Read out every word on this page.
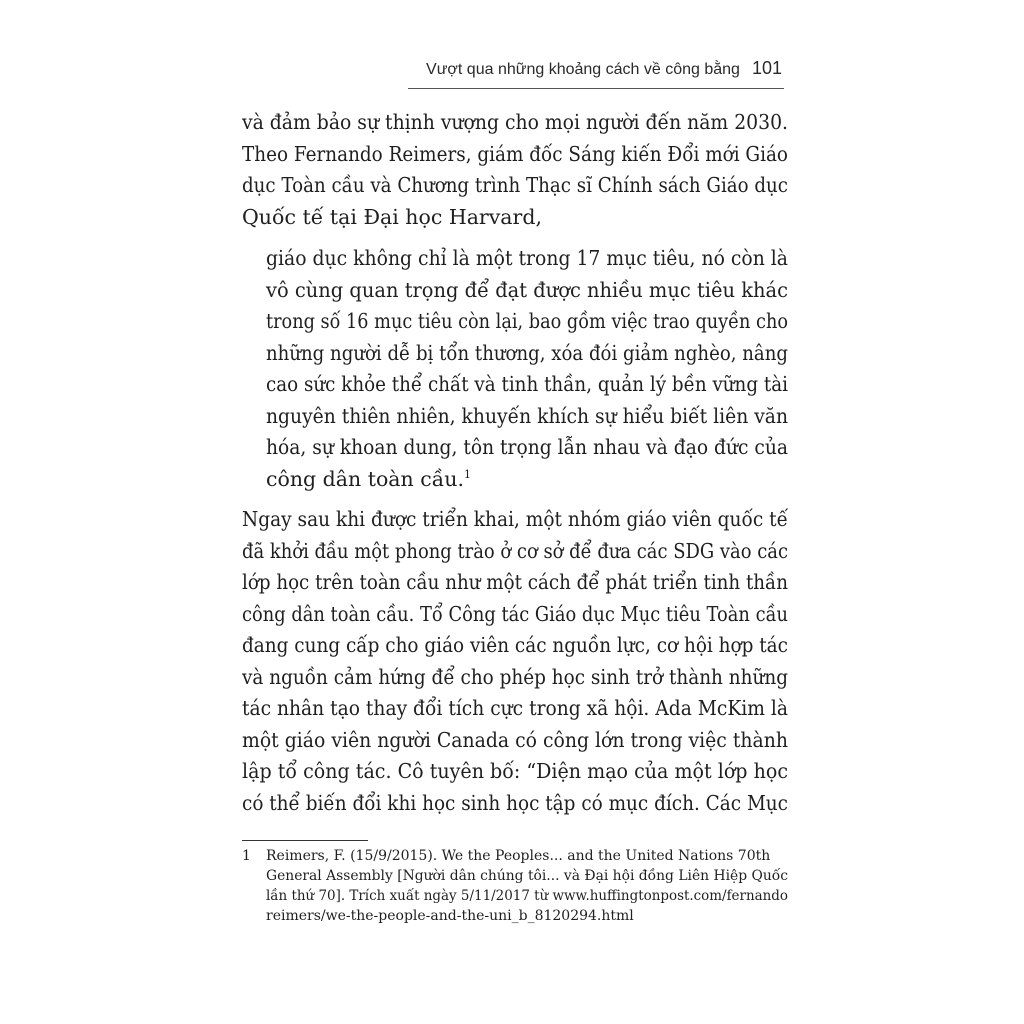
Vượt qua những khoảng cách về công bằng 101
và đảm bảo sự thịnh vượng cho mọi người đến năm 2030.
Theo Fernando Reimers, giám đốc Sáng kiến Đổi mới Giáo
dục Toàn cầu và Chương trình Thạc sĩ Chính sách Giáo dục
Quốc tế tại Đại học Harvard,
giáo dục không chỉ là một trong 17 mục tiêu, nó còn là
vô cùng quan trọng để đạt được nhiều mục tiêu khác
trong số 16 mục tiêu còn lại, bao gồm việc trao quyền cho
những người dễ bị tổn thương, xóa đói giảm nghèo, nâng
cao sức khỏe thể chất và tinh thần, quản lý bền vững tài
nguyên thiên nhiên, khuyến khích sự hiểu biết liên văn
hóa, sự khoan dung, tôn trọng lẫn nhau và đạo đức của
công dân toàn cầu.$^1$
Ngay sau khi được triển khai, một nhóm giáo viên quốc tế
đã khởi đầu một phong trào ở cơ sở để đưa các SDG vào các
lớp học trên toàn cầu như một cách để phát triển tinh thần
công dân toàn cầu. Tổ Công tác Giáo dục Mục tiêu Toàn cầu
đang cung cấp cho giáo viên các nguồn lực, cơ hội hợp tác
và nguồn cảm hứng để cho phép học sinh trở thành những
tác nhân tạo thay đổi tích cực trong xã hội. Ada McKim là
một giáo viên người Canada có công lớn trong việc thành
lập tổ công tác. Cô tuyên bố: “Diện mạo của một lớp học
có thể biến đổi khi học sinh học tập có mục đích. Các Mục
1 Reimers, F. (15/9/2015). We the Peoples... and the United Nations 70th
General Assembly [Người dân chúng tôi... và Đại hội đồng Liên Hiệp Quốc
lần thứ 70]. Trích xuất ngày 5/11/2017 từ www.huffingtonpost.com/fernando
reimers/we-the-people-and-the-uni_b_8120294.html
